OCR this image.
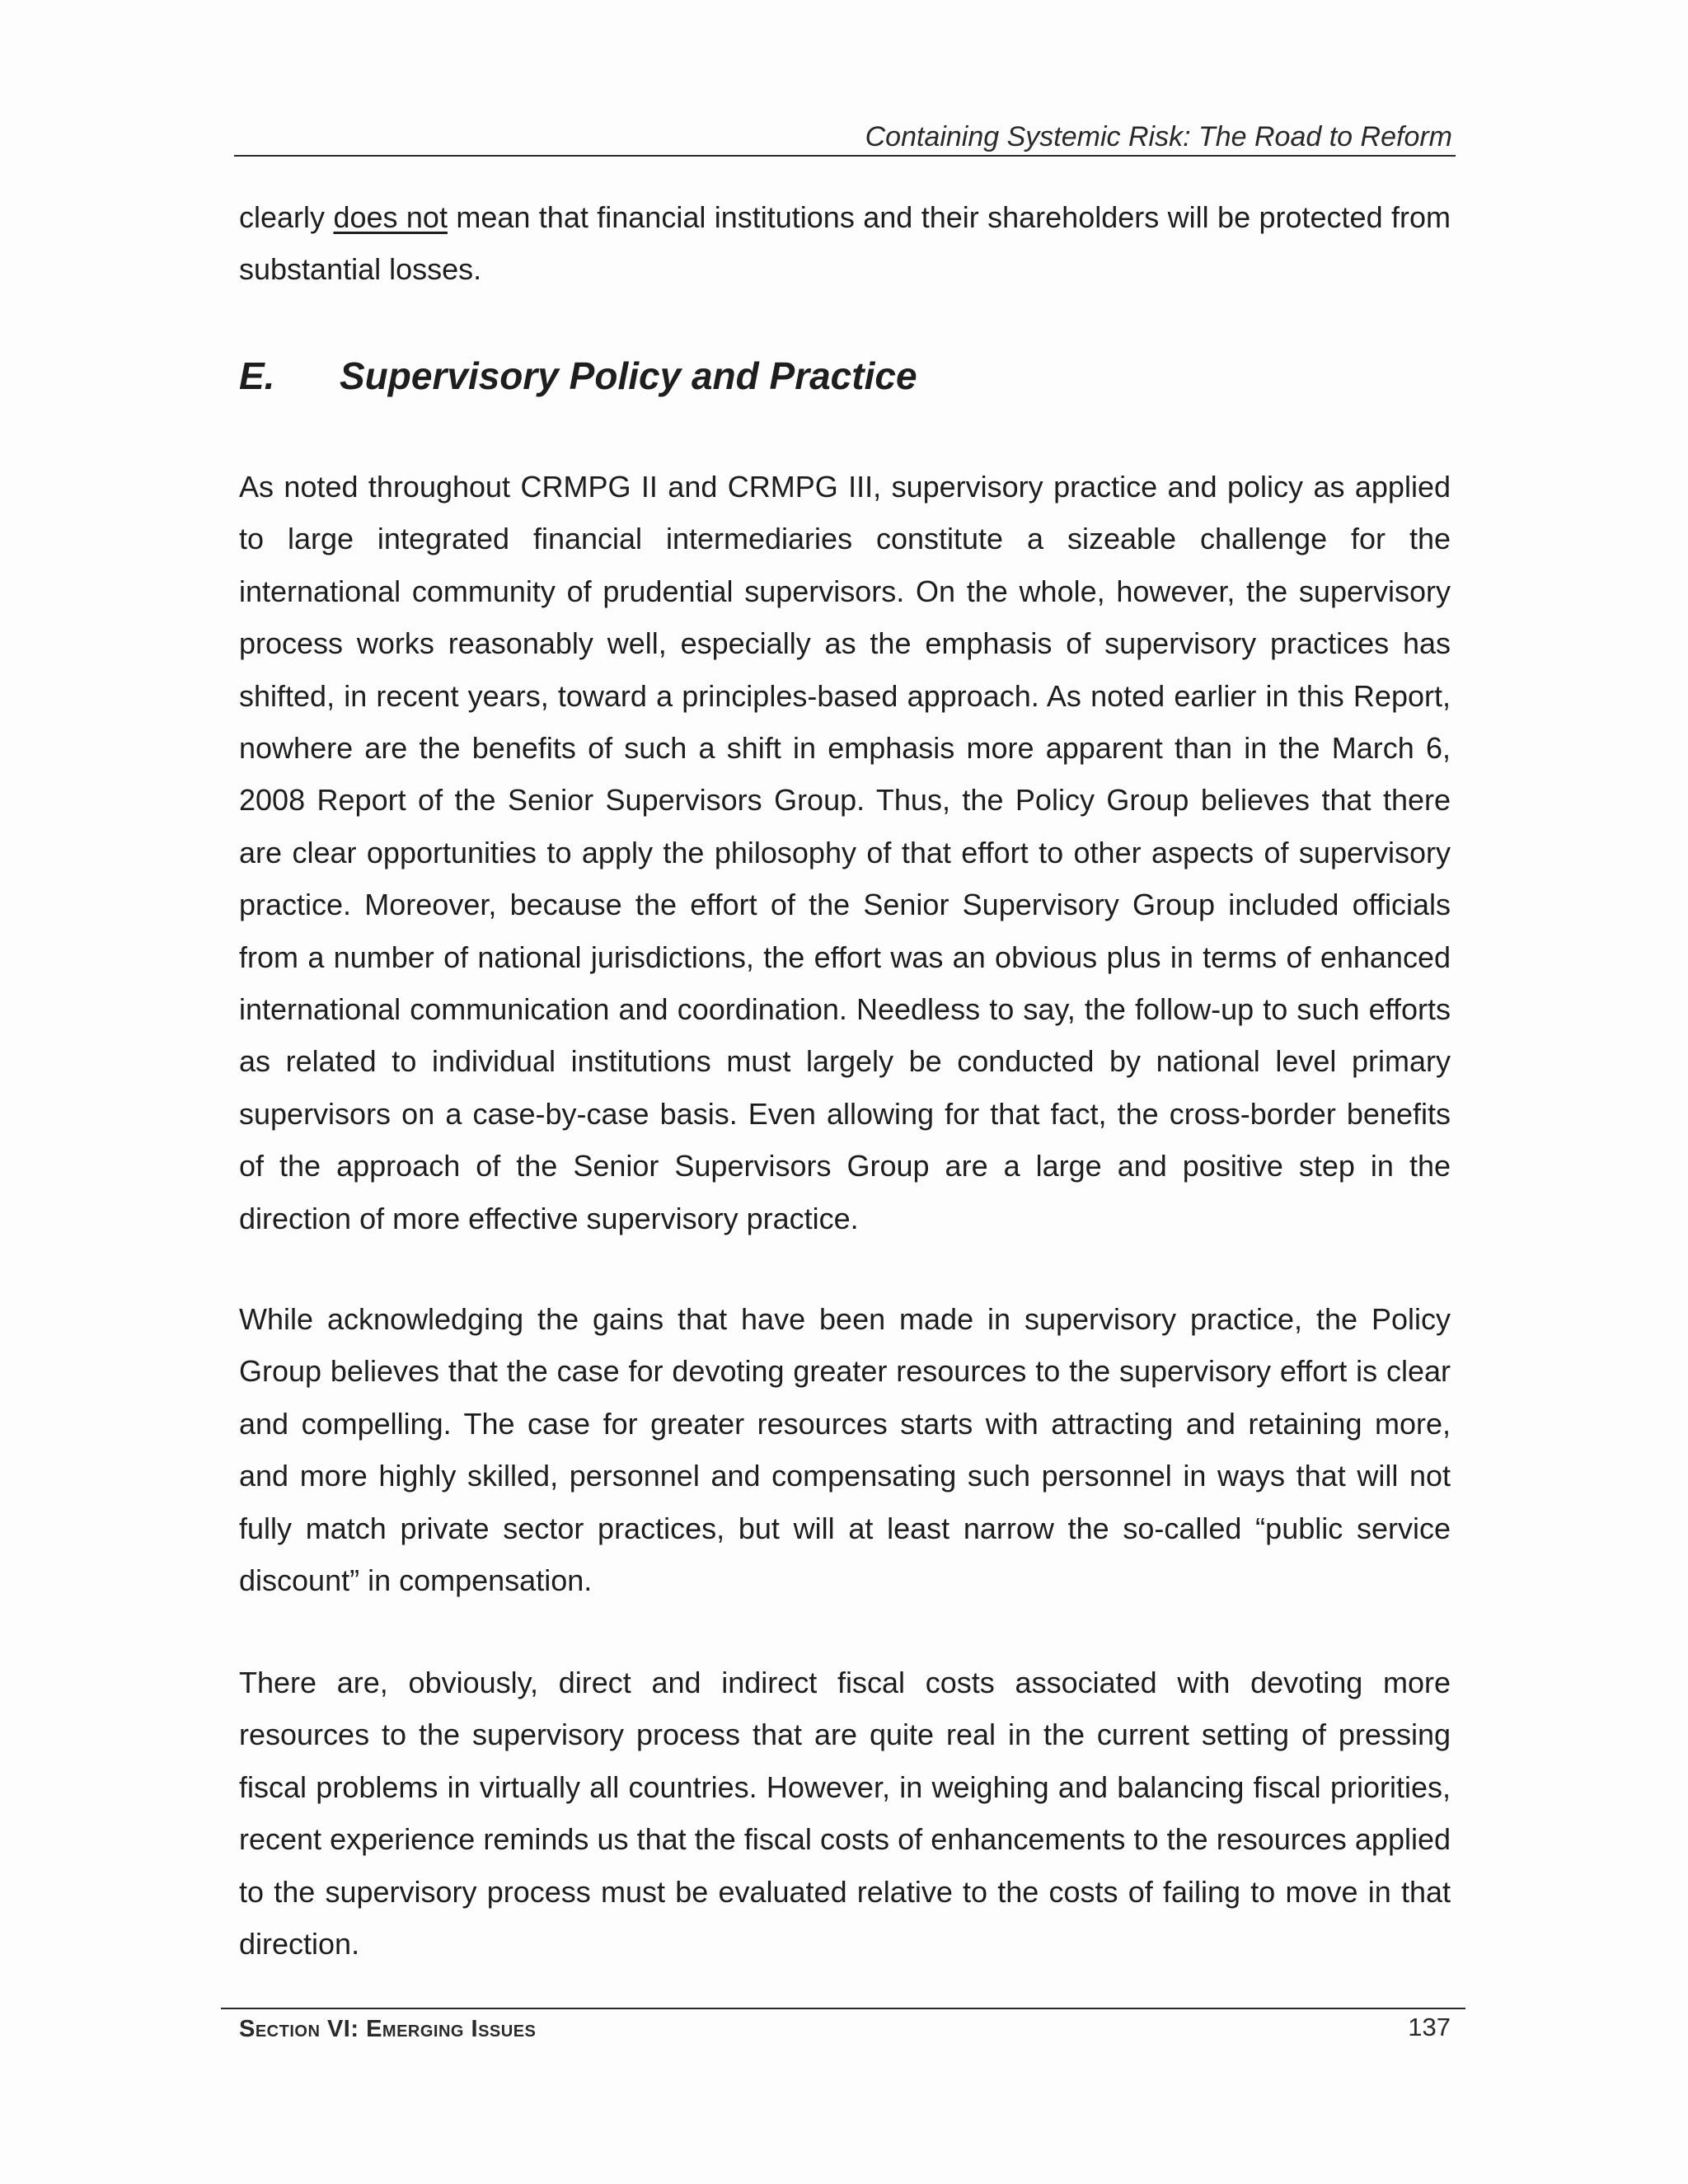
Containing Systemic Risk: The Road to Reform

clearly does not mean that financial institutions and their shareholders will be protected from substantial losses.

E. Supervisory Policy and Practice

As noted throughout CRMPG II and CRMPG III, supervisory practice and policy as applied to large integrated financial intermediaries constitute a sizeable challenge for the international community of prudential supervisors. On the whole, however, the supervisory process works reasonably well, especially as the emphasis of supervisory practices has shifted, in recent years, toward a principles-based approach. As noted earlier in this Report, nowhere are the benefits of such a shift in emphasis more apparent than in the March 6, 2008 Report of the Senior Supervisors Group. Thus, the Policy Group believes that there are clear opportunities to apply the philosophy of that effort to other aspects of supervisory practice. Moreover, because the effort of the Senior Supervisory Group included officials from a number of national jurisdictions, the effort was an obvious plus in terms of enhanced international communication and coordination. Needless to say, the follow-up to such efforts as related to individual institutions must largely be conducted by national level primary supervisors on a case-by-case basis. Even allowing for that fact, the cross-border benefits of the approach of the Senior Supervisors Group are a large and positive step in the direction of more effective supervisory practice.

While acknowledging the gains that have been made in supervisory practice, the Policy Group believes that the case for devoting greater resources to the supervisory effort is clear and compelling. The case for greater resources starts with attracting and retaining more, and more highly skilled, personnel and compensating such personnel in ways that will not fully match private sector practices, but will at least narrow the so-called “public service discount” in compensation.

There are, obviously, direct and indirect fiscal costs associated with devoting more resources to the supervisory process that are quite real in the current setting of pressing fiscal problems in virtually all countries. However, in weighing and balancing fiscal priorities, recent experience reminds us that the fiscal costs of enhancements to the resources applied to the supervisory process must be evaluated relative to the costs of failing to move in that direction.

Section VI: Emerging Issues	137
